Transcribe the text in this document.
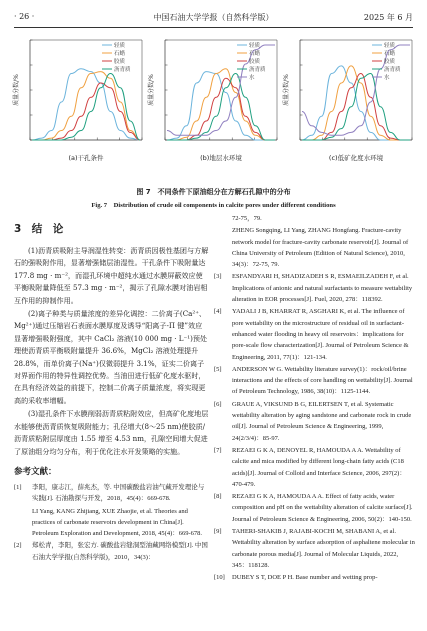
· 26 ·	中国石油大学学报（自然科学版）	2025 年 6 月
质量分数/%
轻质
石蜡
胶质
沥青质
(a)干孔条件
质量分数/%
轻质
石蜡
胶质
沥青质
水
(b)地层水环境
质量分数/%
轻质
石蜡
胶质
沥青质
水
(c)低矿化度水环境
图 7　不同条件下原油组分在方解石孔隙中的分布
Fig. 7　Distribution of crude oil components in calcite pores under different conditions
3　结　论

(1)沥青质吸附主导润湿性转变：沥青质因极性基团与方解石的强吸附作用，显著增强储层油湿性。干孔条件下吸附量达 177.8 mg · m⁻²，而湿孔环境中超纯水通过水膜屏蔽效应使平衡吸附量降低至 57.3 mg · m⁻²，揭示了孔隙水膜对油岩相互作用的抑制作用。

(2)离子种类与质量浓度的差异化调控：二价离子(Ca²⁺、Mg²⁺)通过压缩岩石表面水膜厚度及诱导“阳离子-Π 键”效应显著增强吸附强度，其中 CaCl₂ 溶液(10 000 mg · L⁻¹)预处理使沥青质平衡吸附量提升 36.6%，MgCl₂ 溶液处理提升 28.8%，而单价离子(Na⁺)仅微弱提升 3.1%，证实二价离子对界面作用的特异性调控优势。当油田进行低矿化度水驱时，在具有经济效益的前提下，控制二价离子质量浓度，将实现更高的采收率增幅。

(3)湿孔条件下水膜削弱沥青质粘附效应，但高矿化度地层水能够使沥青质恢复吸附能力；孔径增大(8～25 nm)使胶质/沥青质粘附层厚度由 1.55 增至 4.53 nm，孔隙空间增大促进了原油组分均匀分布，利于优化注水开发策略的实施。

参考文献：
[1] 李阳，康志江，薛兆杰，等. 中国碳酸盐岩油气藏开发理论与实践[J]. 石油勘探与开发，2018，45(4)：669-678.
LI Yang, KANG Zhijiang, XUE Zhaojie, et al. Theories and practices of carbonate reservoirs development in China[J]. Petroleum Exploration and Development, 2018, 45(4)：669-678.
[2] 郑松青，李阳，张宏方. 碳酸盐岩缝洞型油藏网络模型[J]. 中国石油大学学报(自然科学版)，2010，34(3)：
72-75，79.
ZHENG Songqing, LI Yang, ZHANG Hongfang. Fracture-cavity network model for fracture-cavity carbonate reservoir[J]. Journal of China University of Petroleum (Edition of Natural Science), 2010, 34(3)：72-75, 79.
[3] ESFANDYARI H, SHADIZADEH S R, ESMAEILZADEH F, et al. Implications of anionic and natural surfactants to measure wettability alteration in EOR processes[J]. Fuel, 2020, 278：118392.
[4] YADALI J B, KHARRAT R, ASGHARI K, et al. The influence of pore wettability on the microstructure of residual oil in surfactant-enhanced water flooding in heavy oil reservoirs：implications for pore-scale flow characterization[J]. Journal of Petroleum Science & Engineering, 2011, 77(1)：121-134.
[5] ANDERSON W G. Wettability literature survey(1)：rock/oil/brine interactions and the effects of core handling on wettability[J]. Journal of Petroleum Technology, 1986, 38(10)：1125-1144.
[6] GRAUE A, VIKSUND B G, EILERTSEN T, et al. Systematic wettability alteration by aging sandstone and carbonate rock in crude oil[J]. Journal of Petroleum Science & Engineering, 1999, 24(2/3/4)：85-97.
[7] REZAEI G K A, DENOYEL R, HAMOUDA A A. Wettability of calcite and mica modified by different long-chain fatty acids (C18 acids)[J]. Journal of Colloid and Interface Science, 2006, 297(2)：470-479.
[8] REZAEI G K A, HAMOUDA A A. Effect of fatty acids, water composition and pH on the wettability alteration of calcite surface[J]. Journal of Petroleum Science & Engineering, 2006, 50(2)：140-150.
[9] TAHERI-SHAKIB J, RAJABI-KOCHI M, SHABANI A, et al. Wettability alteration by surface adsorption of asphaltene molecular in carbonate porous media[J]. Journal of Molecular Liquids, 2022, 345：118128.
[10] DUBEY S T, DOE P H. Base number and wetting prop-
